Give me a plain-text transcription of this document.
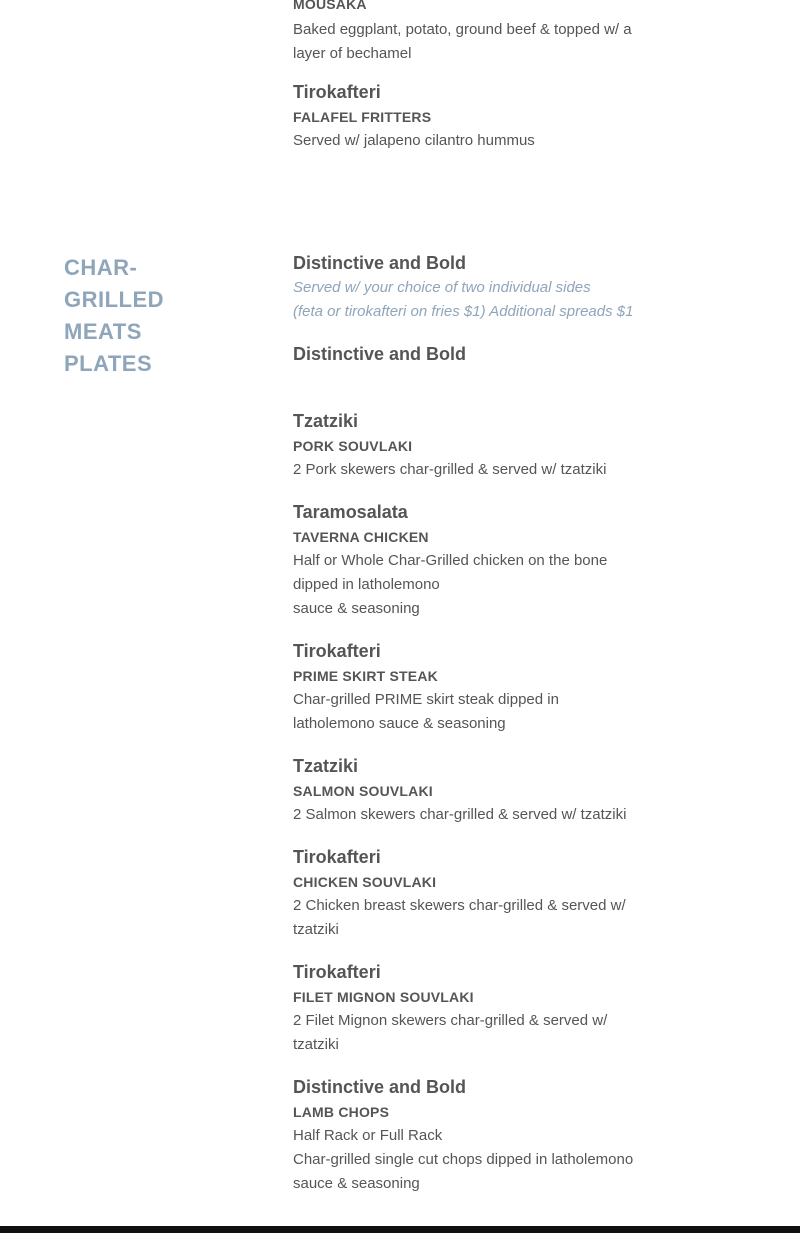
MOUSAKA

Baked eggplant, potato, ground beef & topped w/ a

layer of bechamel

Tirokafteri

FALAFEL FRITTERS

Served w/ jalapeno cilantro hummus

CHAR-
GRILLED
MEATS
PLATES

Distinctive and Bold

Served w/ your choice of two individual sides

(feta or tirokafteri on fries $1) Additional spreads $1

Distinctive and Bold

Tzatziki

PORK SOUVLAKI

2 Pork skewers char-grilled & served w/ tzatziki

Taramosalata

TAVERNA CHICKEN

Half or Whole Char-Grilled chicken on the bone

dipped in latholemono

sauce & seasoning

Tirokafteri

PRIME SKIRT STEAK

Char-grilled PRIME skirt steak dipped in

latholemono sauce & seasoning

Tzatziki

SALMON SOUVLAKI

2 Salmon skewers char-grilled & served w/ tzatziki

Tirokafteri

CHICKEN SOUVLAKI

2 Chicken breast skewers char-grilled & served w/

tzatziki

Tirokafteri

FILET MIGNON SOUVLAKI

2 Filet Mignon skewers char-grilled & served w/

tzatziki

Distinctive and Bold

LAMB CHOPS

Half Rack or Full Rack

Char-grilled single cut chops dipped in latholemono

sauce & seasoning
